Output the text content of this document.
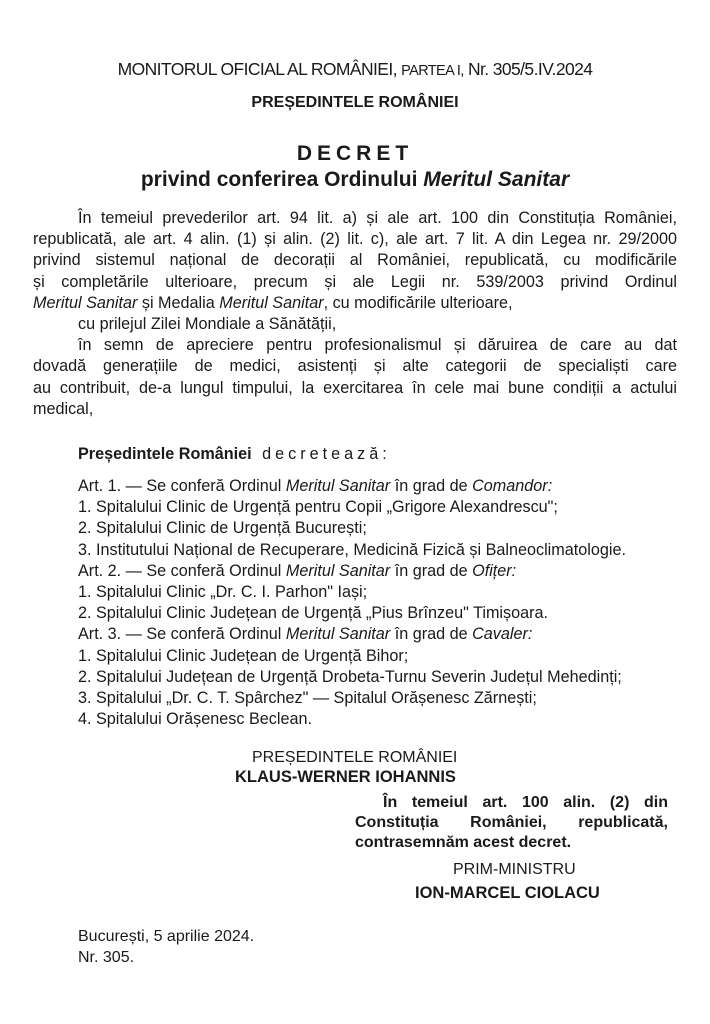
MONITORUL OFICIAL AL ROMÂNIEI, PARTEA I, Nr. 305/5.IV.2024
PREȘEDINTELE ROMÂNIEI
DECRET
privind conferirea Ordinului Meritul Sanitar
În temeiul prevederilor art. 94 lit. a) și ale art. 100 din Constituția României,
republicată, ale art. 4 alin. (1) și alin. (2) lit. c), ale art. 7 lit. A din Legea nr. 29/2000
privind sistemul național de decorații al României, republicată, cu modificările
și completările ulterioare, precum și ale Legii nr. 539/2003 privind Ordinul
Meritul Sanitar și Medalia Meritul Sanitar, cu modificările ulterioare,
cu prilejul Zilei Mondiale a Sănătății,
în semn de apreciere pentru profesionalismul și dăruirea de care au dat
dovadă generațiile de medici, asistenți și alte categorii de specialiști care
au contribuit, de-a lungul timpului, la exercitarea în cele mai bune condiții a actului
medical,
Președintele României decretează:
Art. 1. — Se conferă Ordinul Meritul Sanitar în grad de Comandor:
1. Spitalului Clinic de Urgență pentru Copii „Grigore Alexandrescu";
2. Spitalului Clinic de Urgență București;
3. Institutului Național de Recuperare, Medicină Fizică și Balneoclimatologie.
Art. 2. — Se conferă Ordinul Meritul Sanitar în grad de Ofițer:
1. Spitalului Clinic „Dr. C. I. Parhon" Iași;
2. Spitalului Clinic Județean de Urgență „Pius Brînzeu" Timișoara.
Art. 3. — Se conferă Ordinul Meritul Sanitar în grad de Cavaler:
1. Spitalului Clinic Județean de Urgență Bihor;
2. Spitalului Județean de Urgență Drobeta-Turnu Severin Județul Mehedinți;
3. Spitalului „Dr. C. T. Spârchez" — Spitalul Orășenesc Zărnești;
4. Spitalului Orășenesc Beclean.
PREȘEDINTELE ROMÂNIEI
KLAUS-WERNER IOHANNIS
În temeiul art. 100 alin. (2) din
Constituția României, republicată,
contrasemnăm acest decret.
PRIM-MINISTRU
ION-MARCEL CIOLACU
București, 5 aprilie 2024.
Nr. 305.
